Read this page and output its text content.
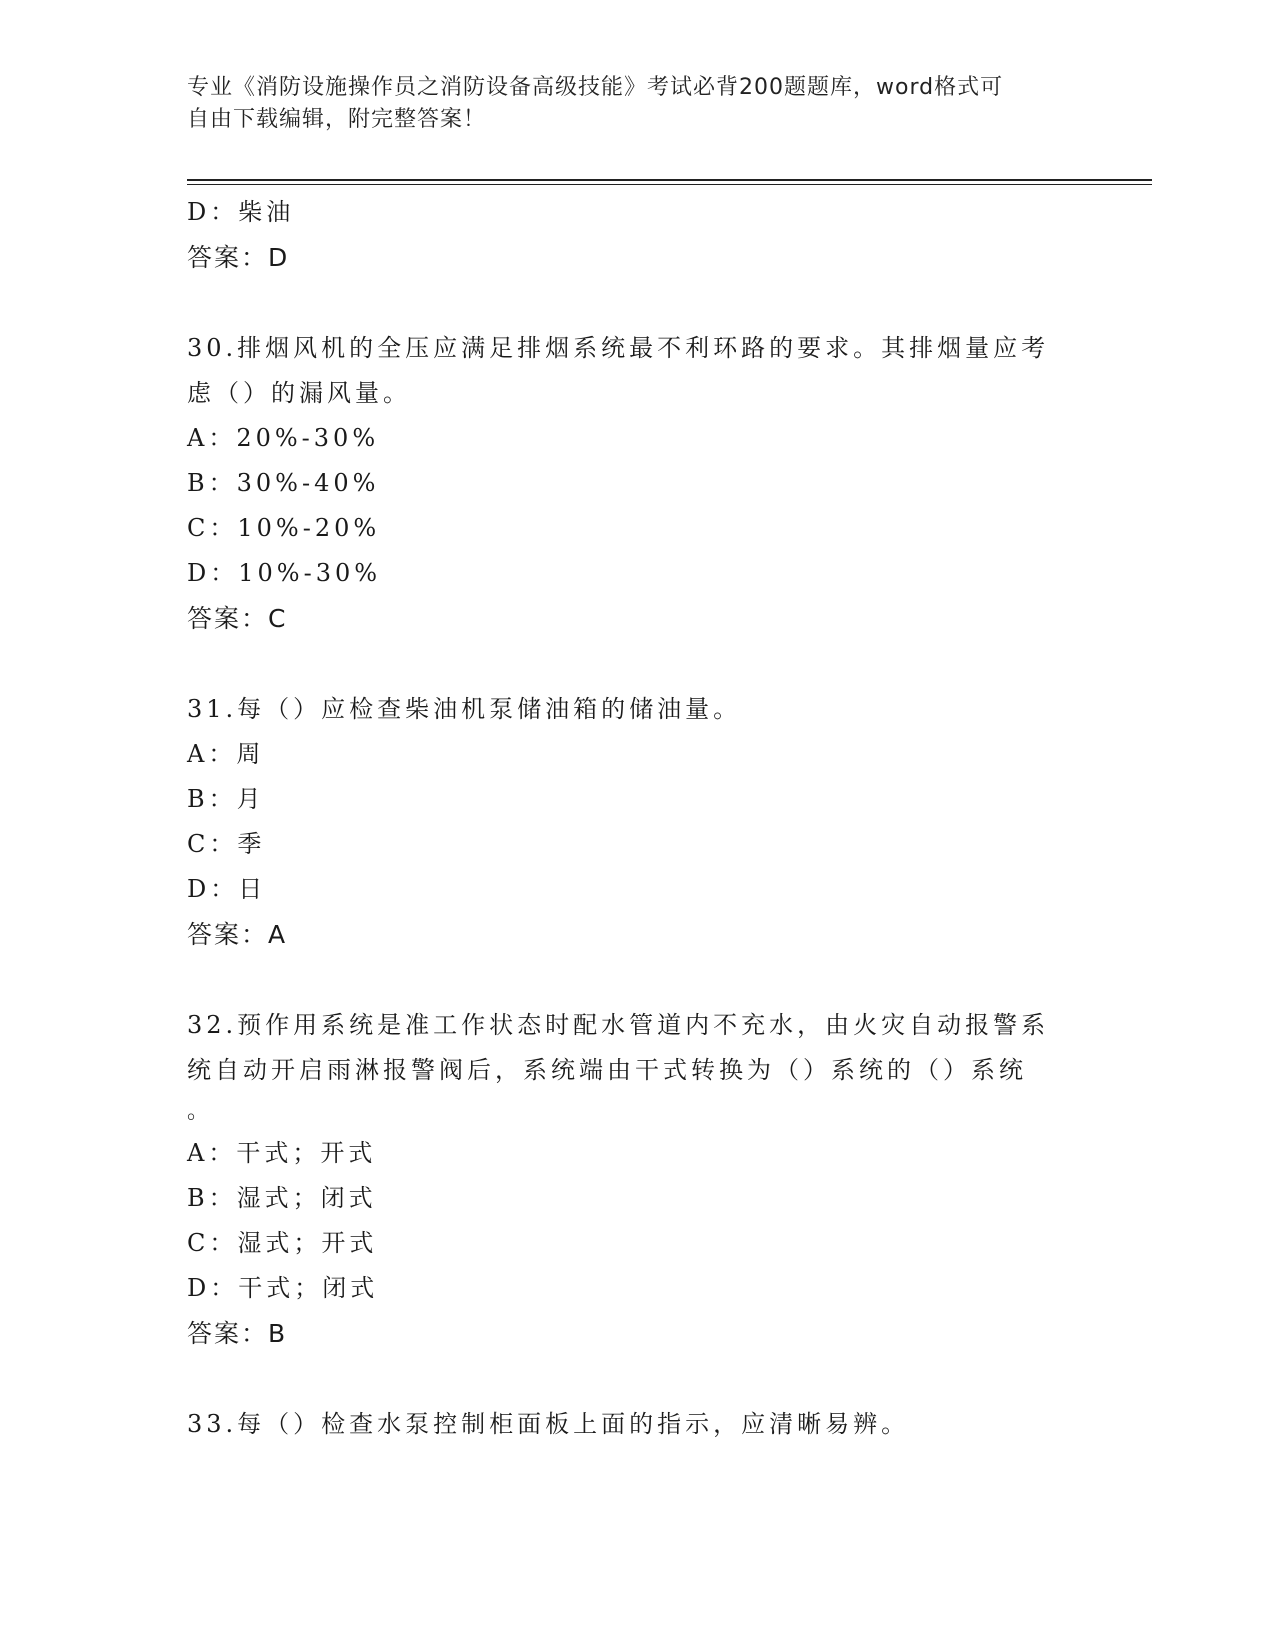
专业《消防设施操作员之消防设备高级技能》考试必背200题题库，word格式可
自由下载编辑，附完整答案！
D：柴油
答案：D
30.排烟风机的全压应满足排烟系统最不利环路的要求。其排烟量应考
虑（）的漏风量。
A：20%-30%
B：30%-40%
C：10%-20%
D：10%-30%
答案：C
31.每（）应检查柴油机泵储油箱的储油量。
A：周
B：月
C：季
D：日
答案：A
32.预作用系统是准工作状态时配水管道内不充水，由火灾自动报警系
统自动开启雨淋报警阀后，系统端由干式转换为（）系统的（）系统
。
A：干式；开式
B：湿式；闭式
C：湿式；开式
D：干式；闭式
答案：B
33.每（）检查水泵控制柜面板上面的指示，应清晰易辨。
